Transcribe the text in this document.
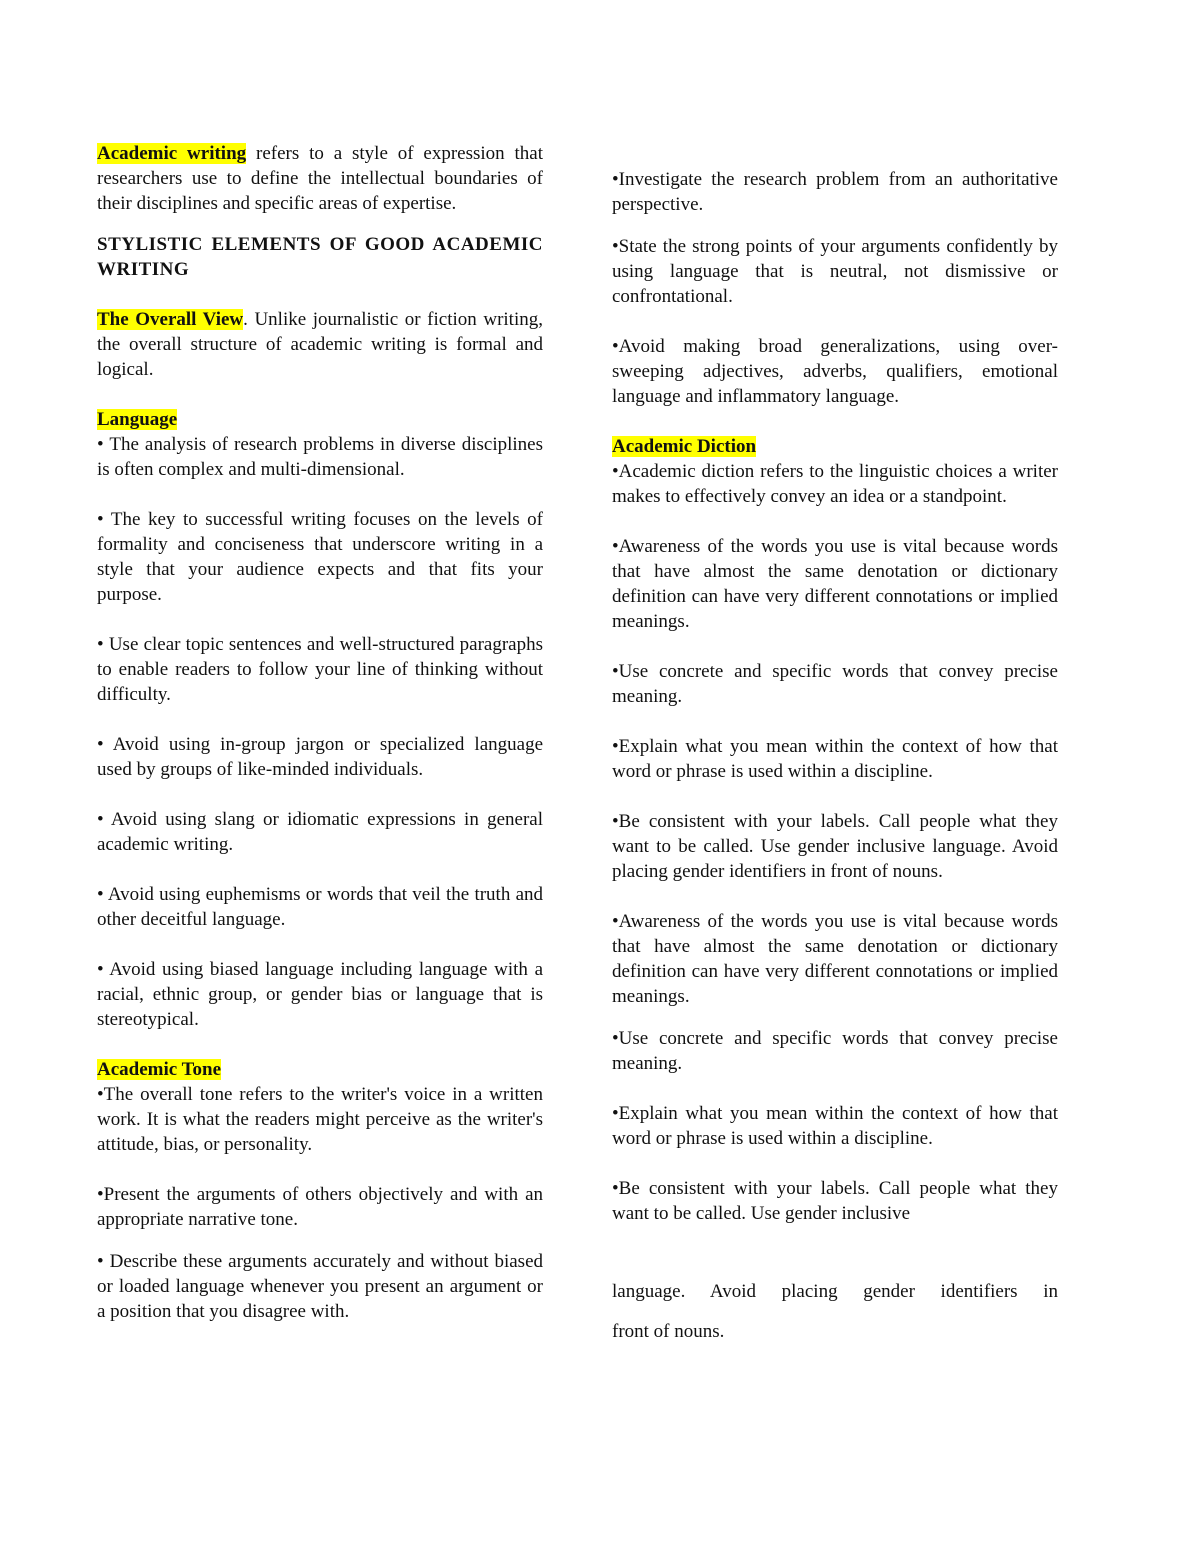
Academic writing refers to a style of expression that researchers use to define the intellectual boundaries of their disciplines and specific areas of expertise.

STYLISTIC ELEMENTS OF GOOD ACADEMIC WRITING

The Overall View. Unlike journalistic or fiction writing, the overall structure of academic writing is formal and logical.

Language

• The analysis of research problems in diverse disciplines is often complex and multi-dimensional.

• The key to successful writing focuses on the levels of formality and conciseness that underscore writing in a style that your audience expects and that fits your purpose.

• Use clear topic sentences and well-structured paragraphs to enable readers to follow your line of thinking without difficulty.

• Avoid using in-group jargon or specialized language used by groups of like-minded individuals.

• Avoid using slang or idiomatic expressions in general academic writing.

• Avoid using euphemisms or words that veil the truth and other deceitful language.

• Avoid using biased language including language with a racial, ethnic group, or gender bias or language that is stereotypical.

Academic Tone

•The overall tone refers to the writer's voice in a written work. It is what the readers might perceive as the writer's attitude, bias, or personality.

•Present the arguments of others objectively and with an appropriate narrative tone.

• Describe these arguments accurately and without biased or loaded language whenever you present an argument or a position that you disagree with.

•Investigate the research problem from an authoritative perspective.

•State the strong points of your arguments confidently by using language that is neutral, not dismissive or confrontational.

•Avoid making broad generalizations, using over-sweeping adjectives, adverbs, qualifiers, emotional language and inflammatory language.

Academic Diction

•Academic diction refers to the linguistic choices a writer makes to effectively convey an idea or a standpoint.

•Awareness of the words you use is vital because words that have almost the same denotation or dictionary definition can have very different connotations or implied meanings.

•Use concrete and specific words that convey precise meaning.

•Explain what you mean within the context of how that word or phrase is used within a discipline.

•Be consistent with your labels. Call people what they want to be called. Use gender inclusive language. Avoid placing gender identifiers in front of nouns.

•Awareness of the words you use is vital because words that have almost the same denotation or dictionary definition can have very different connotations or implied meanings.

•Use concrete and specific words that convey precise meaning.

•Explain what you mean within the context of how that word or phrase is used within a discipline.

•Be consistent with your labels. Call people what they want to be called. Use gender inclusive

language. Avoid placing gender identifiers in

front of nouns.
